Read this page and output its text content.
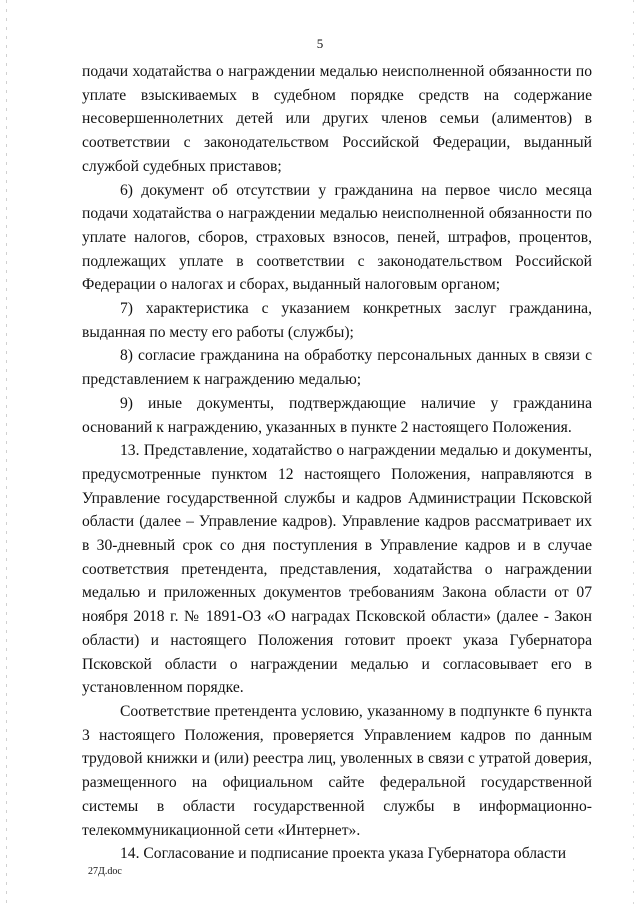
5

подачи ходатайства о награждении медалью неисполненной обязанности по уплате взыскиваемых в судебном порядке средств на содержание несовершеннолетних детей или других членов семьи (алиментов) в соответствии с законодательством Российской Федерации, выданный службой судебных приставов;

6) документ об отсутствии у гражданина на первое число месяца подачи ходатайства о награждении медалью неисполненной обязанности по уплате налогов, сборов, страховых взносов, пеней, штрафов, процентов, подлежащих уплате в соответствии с законодательством Российской Федерации о налогах и сборах, выданный налоговым органом;

7) характеристика с указанием конкретных заслуг гражданина, выданная по месту его работы (службы);

8) согласие гражданина на обработку персональных данных в связи с представлением к награждению медалью;

9) иные документы, подтверждающие наличие у гражданина оснований к награждению, указанных в пункте 2 настоящего Положения.

13. Представление, ходатайство о награждении медалью и документы, предусмотренные пунктом 12 настоящего Положения, направляются в Управление государственной службы и кадров Администрации Псковской области (далее – Управление кадров). Управление кадров рассматривает их в 30-дневный срок со дня поступления в Управление кадров и в случае соответствия претендента, представления, ходатайства о награждении медалью и приложенных документов требованиям Закона области от 07 ноября 2018 г. № 1891-ОЗ «О наградах Псковской области» (далее - Закон области) и настоящего Положения готовит проект указа Губернатора Псковской области о награждении медалью и согласовывает его в установленном порядке.

Соответствие претендента условию, указанному в подпункте 6 пункта 3 настоящего Положения, проверяется Управлением кадров по данным трудовой книжки и (или) реестра лиц, уволенных в связи с утратой доверия, размещенного на официальном сайте федеральной государственной системы в области государственной службы в информационно-телекоммуникационной сети «Интернет».

14. Согласование и подписание проекта указа Губернатора области

27Д.doc
